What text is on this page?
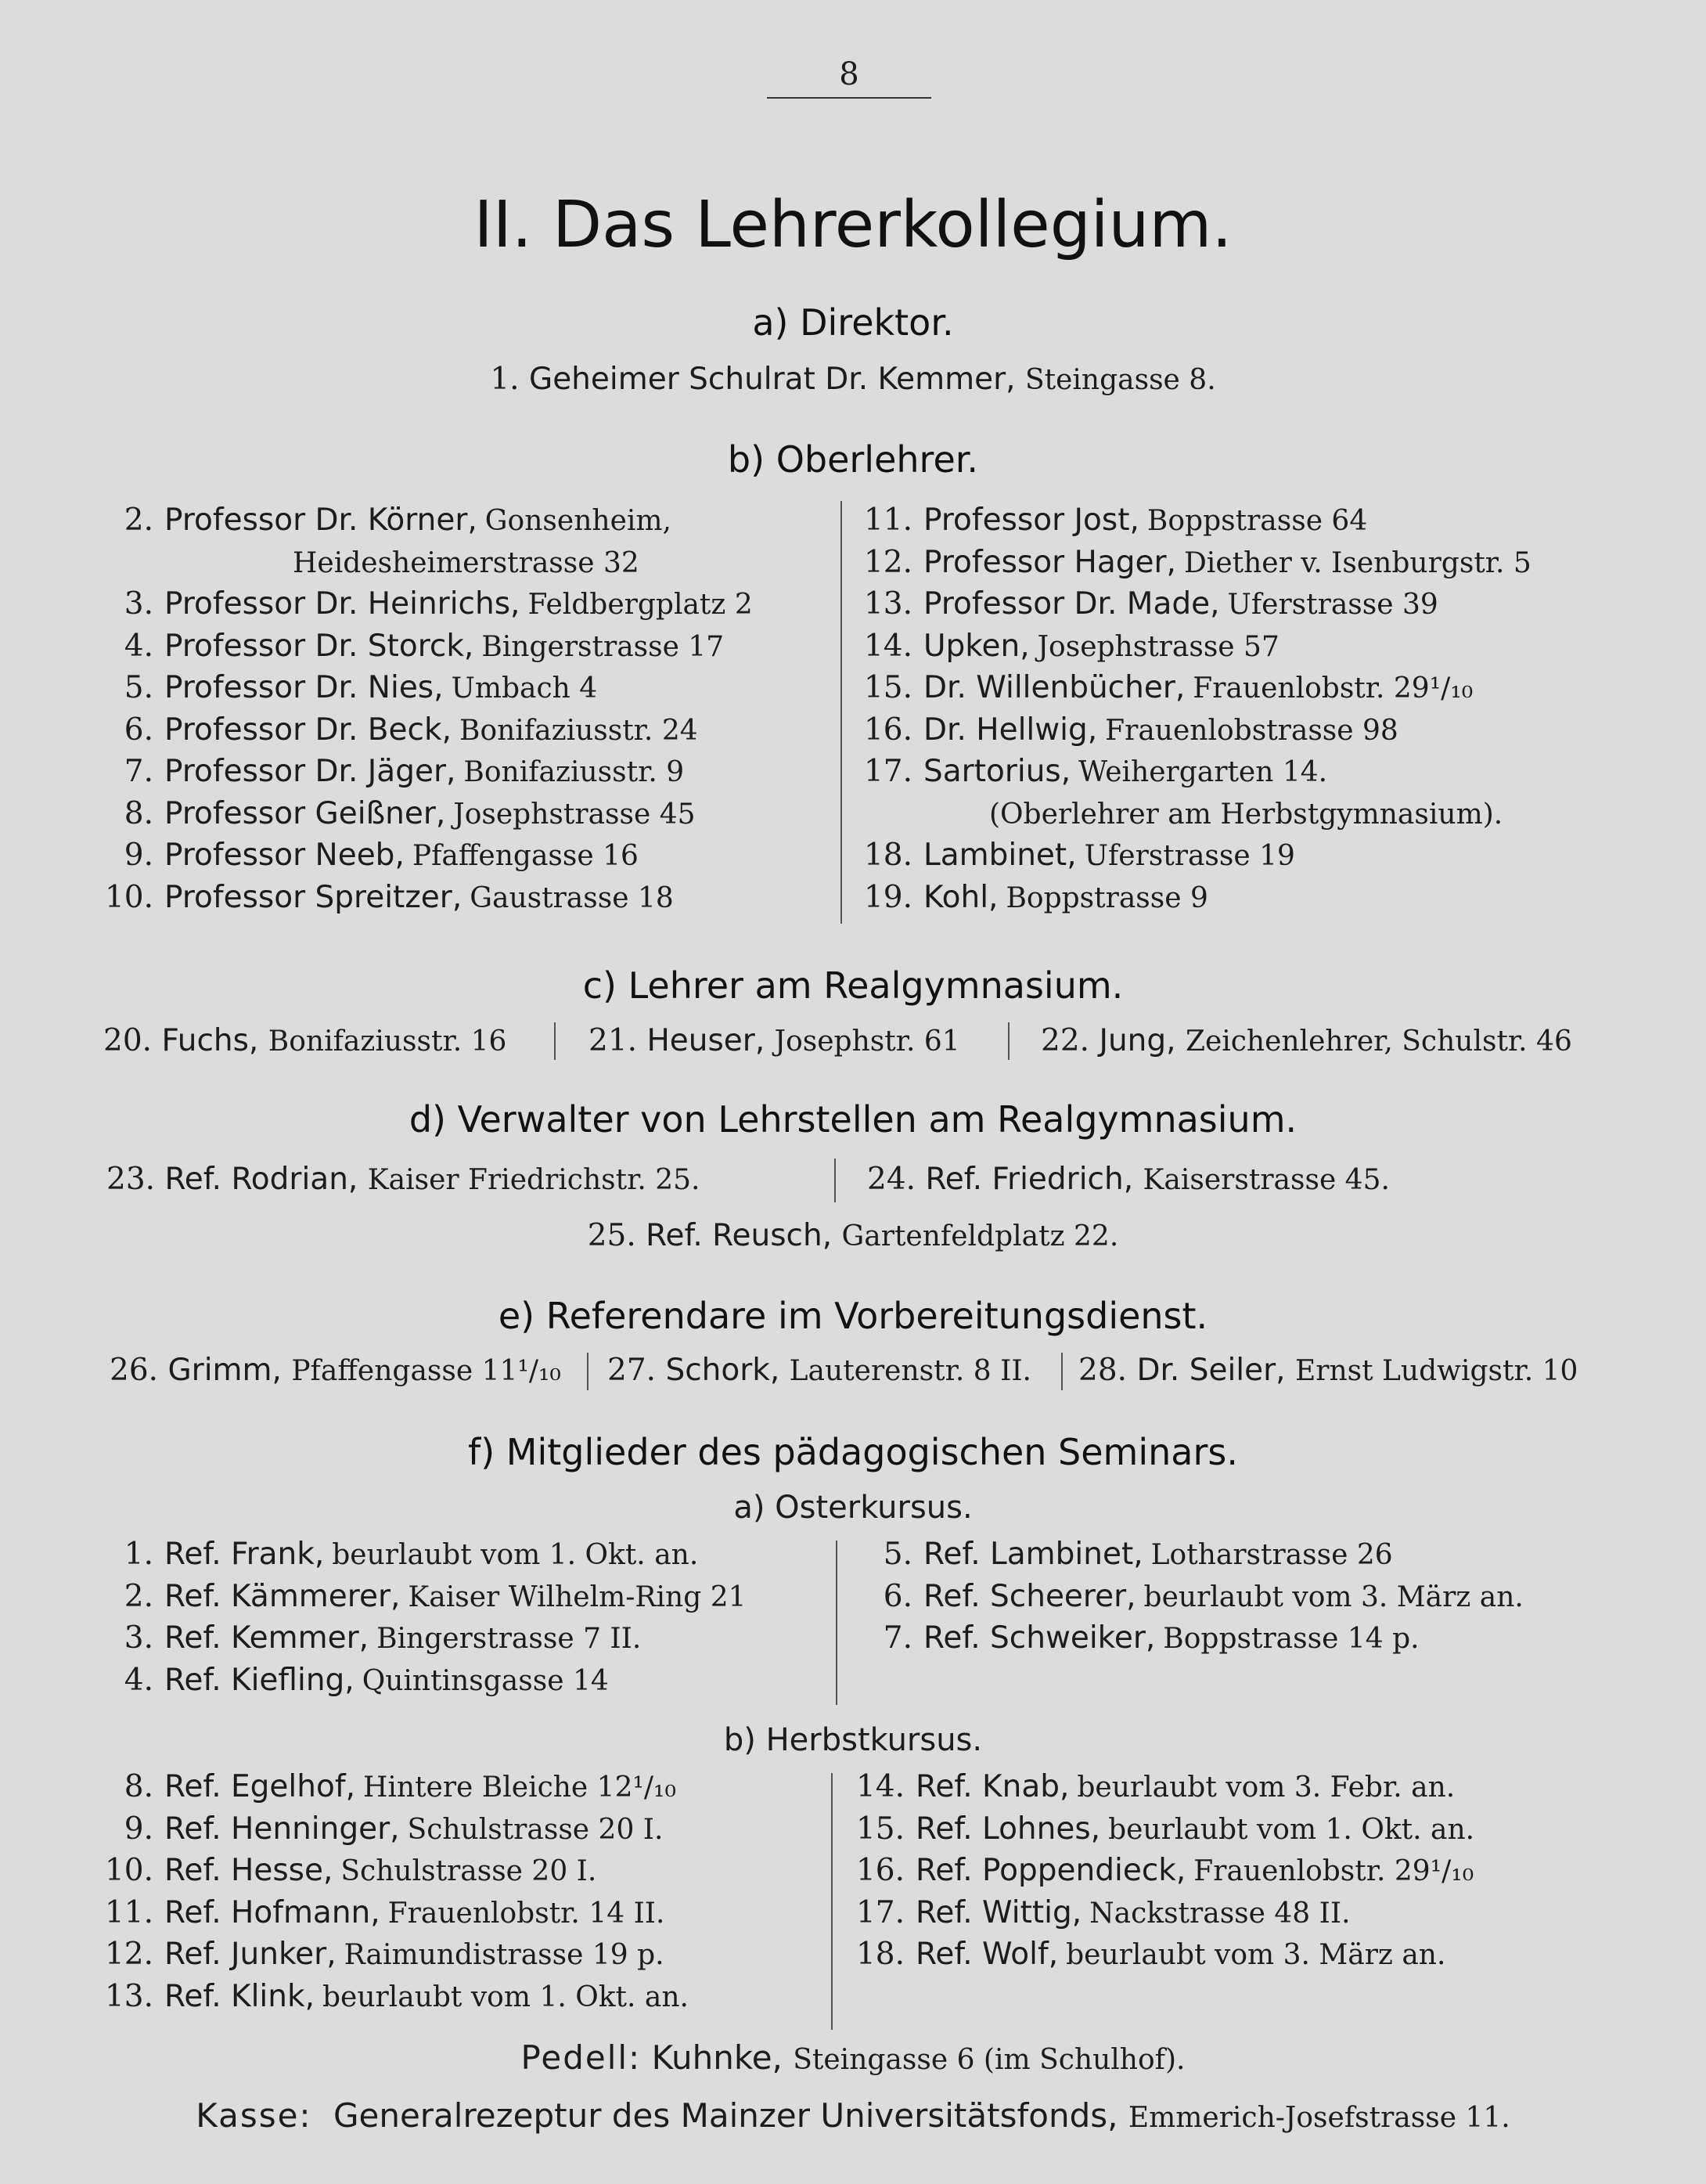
8
II. Das Lehrerkollegium.
a) Direktor.
1. Geheimer Schulrat Dr. Kemmer, Steingasse 8.
b) Oberlehrer.
2. Professor Dr. Körner, Gonsenheim,
Heidesheimerstrasse 32
3. Professor Dr. Heinrichs, Feldbergplatz 2
4. Professor Dr. Storck, Bingerstrasse 17
5. Professor Dr. Nies, Umbach 4
6. Professor Dr. Beck, Bonifaziusstr. 24
7. Professor Dr. Jäger, Bonifaziusstr. 9
8. Professor Geißner, Josephstrasse 45
9. Professor Neeb, Pfaffengasse 16
10. Professor Spreitzer, Gaustrasse 18
11. Professor Jost, Boppstrasse 64
12. Professor Hager, Diether v. Isenburgstr. 5
13. Professor Dr. Made, Uferstrasse 39
14. Upken, Josephstrasse 57
15. Dr. Willenbücher, Frauenlobstr. 29¹/₁₀
16. Dr. Hellwig, Frauenlobstrasse 98
17. Sartorius, Weihergarten 14.
(Oberlehrer am Herbstgymnasium).
18. Lambinet, Uferstrasse 19
19. Kohl, Boppstrasse 9
c) Lehrer am Realgymnasium.
20. Fuchs, Bonifaziusstr. 16	21. Heuser, Josephstr. 61	22. Jung, Zeichenlehrer, Schulstr. 46
d) Verwalter von Lehrstellen am Realgymnasium.
23. Ref. Rodrian, Kaiser Friedrichstr. 25.	24. Ref. Friedrich, Kaiserstrasse 45.
25. Ref. Reusch, Gartenfeldplatz 22.
e) Referendare im Vorbereitungsdienst.
26. Grimm, Pfaffengasse 11¹/₁₀ 27. Schork, Lauterenstr. 8 II. 28. Dr. Seiler, Ernst Ludwigstr. 10
f) Mitglieder des pädagogischen Seminars.
a) Osterkursus.
1. Ref. Frank, beurlaubt vom 1. Okt. an.
2. Ref. Kämmerer, Kaiser Wilhelm-Ring 21
3. Ref. Kemmer, Bingerstrasse 7 II.
4. Ref. Kiefling, Quintinsgasse 14
5. Ref. Lambinet, Lotharstrasse 26
6. Ref. Scheerer, beurlaubt vom 3. März an.
7. Ref. Schweiker, Boppstrasse 14 p.
b) Herbstkursus.
8. Ref. Egelhof, Hintere Bleiche 12¹/₁₀
9. Ref. Henninger, Schulstrasse 20 I.
10. Ref. Hesse, Schulstrasse 20 I.
11. Ref. Hofmann, Frauenlobstr. 14 II.
12. Ref. Junker, Raimundistrasse 19 p.
13. Ref. Klink, beurlaubt vom 1. Okt. an.
14. Ref. Knab, beurlaubt vom 3. Febr. an.
15. Ref. Lohnes, beurlaubt vom 1. Okt. an.
16. Ref. Poppendieck, Frauenlobstr. 29¹/₁₀
17. Ref. Wittig, Nackstrasse 48 II.
18. Ref. Wolf, beurlaubt vom 3. März an.
Pedell: Kuhnke, Steingasse 6 (im Schulhof).
Kasse: Generalrezeptur des Mainzer Universitätsfonds, Emmerich-Josefstrasse 11.
